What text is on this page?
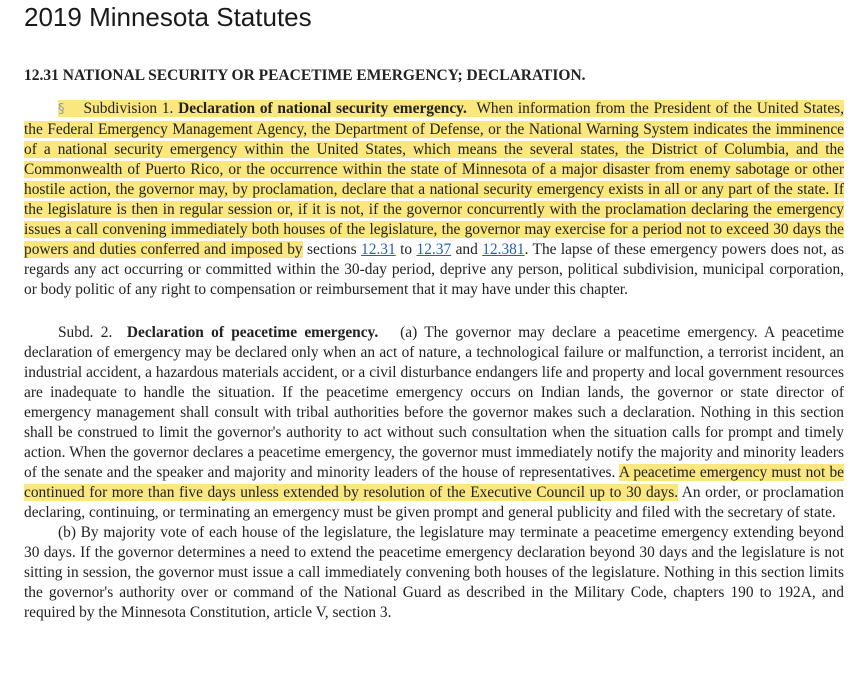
2019 Minnesota Statutes
12.31 NATIONAL SECURITY OR PEACETIME EMERGENCY; DECLARATION.

§ Subdivision 1. Declaration of national security emergency. When information from the President of the United States, the Federal Emergency Management Agency, the Department of Defense, or the National Warning System indicates the imminence of a national security emergency within the United States, which means the several states, the District of Columbia, and the Commonwealth of Puerto Rico, or the occurrence within the state of Minnesota of a major disaster from enemy sabotage or other hostile action, the governor may, by proclamation, declare that a national security emergency exists in all or any part of the state. If the legislature is then in regular session or, if it is not, if the governor concurrently with the proclamation declaring the emergency issues a call convening immediately both houses of the legislature, the governor may exercise for a period not to exceed 30 days the powers and duties conferred and imposed by sections 12.31 to 12.37 and 12.381. The lapse of these emergency powers does not, as regards any act occurring or committed within the 30-day period, deprive any person, political subdivision, municipal corporation, or body politic of any right to compensation or reimbursement that it may have under this chapter.

Subd. 2. Declaration of peacetime emergency. (a) The governor may declare a peacetime emergency. A peacetime declaration of emergency may be declared only when an act of nature, a technological failure or malfunction, a terrorist incident, an industrial accident, a hazardous materials accident, or a civil disturbance endangers life and property and local government resources are inadequate to handle the situation. If the peacetime emergency occurs on Indian lands, the governor or state director of emergency management shall consult with tribal authorities before the governor makes such a declaration. Nothing in this section shall be construed to limit the governor's authority to act without such consultation when the situation calls for prompt and timely action. When the governor declares a peacetime emergency, the governor must immediately notify the majority and minority leaders of the senate and the speaker and majority and minority leaders of the house of representatives. A peacetime emergency must not be continued for more than five days unless extended by resolution of the Executive Council up to 30 days. An order, or proclamation declaring, continuing, or terminating an emergency must be given prompt and general publicity and filed with the secretary of state.

(b) By majority vote of each house of the legislature, the legislature may terminate a peacetime emergency extending beyond 30 days. If the governor determines a need to extend the peacetime emergency declaration beyond 30 days and the legislature is not sitting in session, the governor must issue a call immediately convening both houses of the legislature. Nothing in this section limits the governor's authority over or command of the National Guard as described in the Military Code, chapters 190 to 192A, and required by the Minnesota Constitution, article V, section 3.
